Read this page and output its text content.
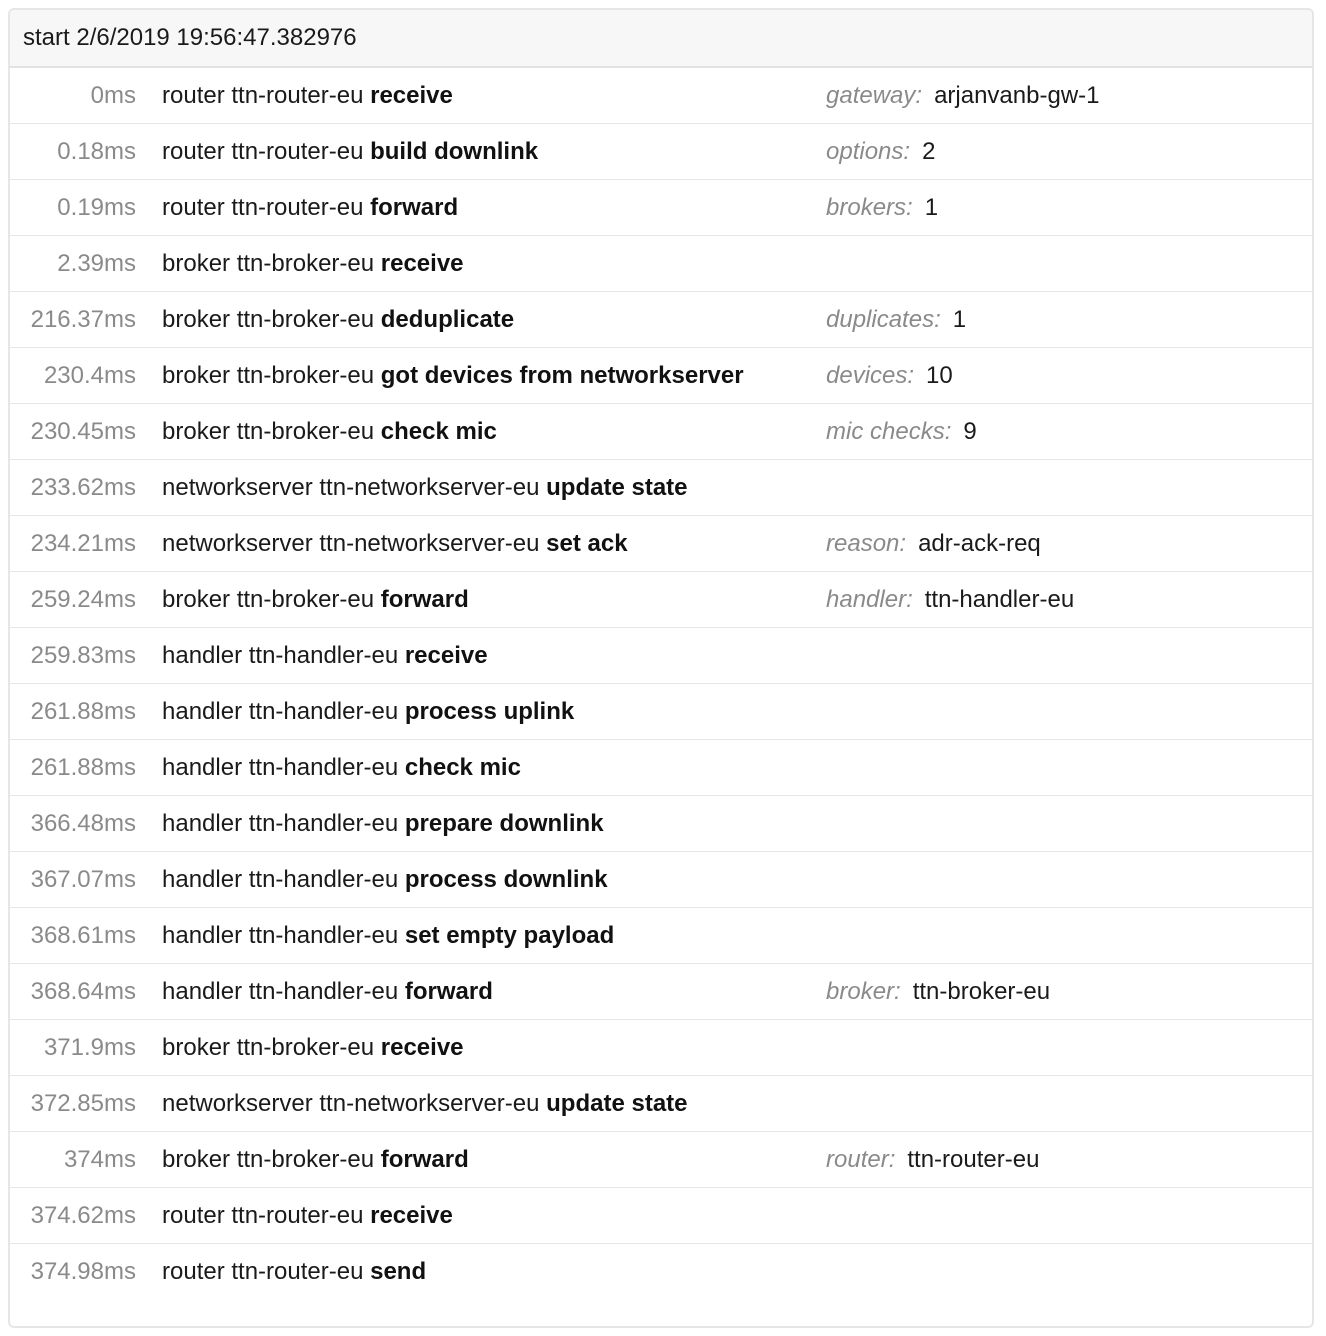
start 2/6/2019 19:56:47.382976
0ms	router ttn-router-eu receive	gateway: arjanvanb-gw-1
0.18ms	router ttn-router-eu build downlink	options: 2
0.19ms	router ttn-router-eu forward	brokers: 1
2.39ms	broker ttn-broker-eu receive
216.37ms	broker ttn-broker-eu deduplicate	duplicates: 1
230.4ms	broker ttn-broker-eu got devices from networkserver	devices: 10
230.45ms	broker ttn-broker-eu check mic	mic checks: 9
233.62ms	networkserver ttn-networkserver-eu update state
234.21ms	networkserver ttn-networkserver-eu set ack	reason: adr-ack-req
259.24ms	broker ttn-broker-eu forward	handler: ttn-handler-eu
259.83ms	handler ttn-handler-eu receive
261.88ms	handler ttn-handler-eu process uplink
261.88ms	handler ttn-handler-eu check mic
366.48ms	handler ttn-handler-eu prepare downlink
367.07ms	handler ttn-handler-eu process downlink
368.61ms	handler ttn-handler-eu set empty payload
368.64ms	handler ttn-handler-eu forward	broker: ttn-broker-eu
371.9ms	broker ttn-broker-eu receive
372.85ms	networkserver ttn-networkserver-eu update state
374ms	broker ttn-broker-eu forward	router: ttn-router-eu
374.62ms	router ttn-router-eu receive
374.98ms	router ttn-router-eu send
